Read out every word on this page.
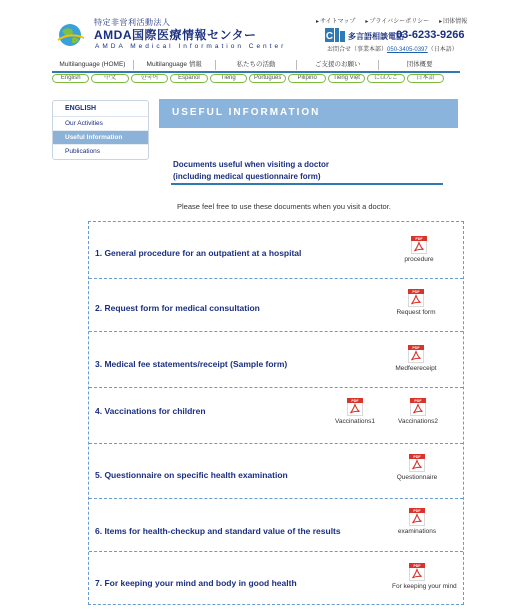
特定非営利活動法人
AMDA国際医療情報センター
AMDA Medical Information Center
▸ サイトマップ	▸ プライバシーポリシー	▸ 団体情報
C 多言語相談電話
03-6233-9266
お問合せ（事業本部）050-3405-0397（日本語）
Multilanguage (HOME)	Multilanguage 情報	私たちの活動	ご支援のお願い	団体概要
English	中文	한국어	Español	Tiếng	Português	Pilipino	Tiếng Việt	にほんご	日本語
ENGLISH
Our Activities
Useful Information
Publications
USEFUL INFORMATION
Documents useful when visiting a doctor
(including medical questionnaire form)
Please feel free to use these documents when you visit a doctor.
1. General procedure for an outpatient at a hospital
PDF
procedure
2. Request form for medical consultation
PDF
Request form
3. Medical fee statements/receipt (Sample form)
PDF
Medfeereceipt
4. Vaccinations for children
PDF
Vaccinations1
PDF
Vaccinations2
5. Questionnaire on specific health examination
PDF
Questionnaire
6. Items for health-checkup and standard value of the results
PDF
examinations
7. For keeping your mind and body in good health
PDF
For keeping your mind
